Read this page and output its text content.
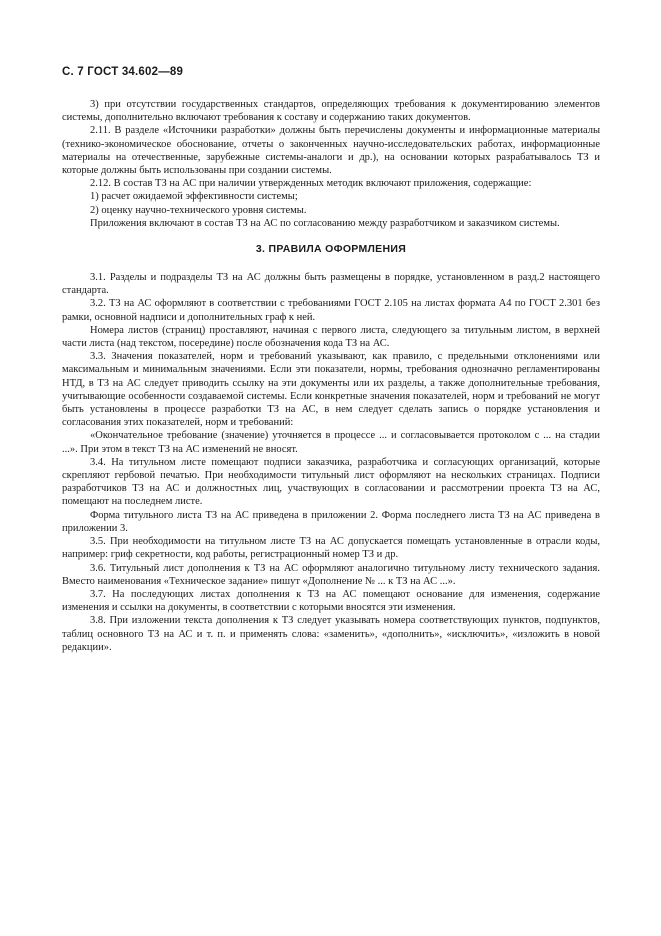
С. 7 ГОСТ 34.602—89

3) при отсутствии государственных стандартов, определяющих требования к документированию элементов системы, дополнительно включают требования к составу и содержанию таких документов.

2.11. В разделе «Источники разработки» должны быть перечислены документы и информационные материалы (технико-экономическое обоснование, отчеты о законченных научно-исследовательских работах, информационные материалы на отечественные, зарубежные системы-аналоги и др.), на основании которых разрабатывалось ТЗ и которые должны быть использованы при создании системы.

2.12. В состав ТЗ на АС при наличии утвержденных методик включают приложения, содержащие:

1) расчет ожидаемой эффективности системы;

2) оценку научно-технического уровня системы.

Приложения включают в состав ТЗ на АС по согласованию между разработчиком и заказчиком системы.

3. ПРАВИЛА ОФОРМЛЕНИЯ

3.1. Разделы и подразделы ТЗ на АС должны быть размещены в порядке, установленном в разд.2 настоящего стандарта.

3.2. ТЗ на АС оформляют в соответствии с требованиями ГОСТ 2.105 на листах формата А4 по ГОСТ 2.301 без рамки, основной надписи и дополнительных граф к ней.

Номера листов (страниц) проставляют, начиная с первого листа, следующего за титульным листом, в верхней части листа (над текстом, посередине) после обозначения кода ТЗ на АС.

3.3. Значения показателей, норм и требований указывают, как правило, с предельными отклонениями или максимальным и минимальным значениями. Если эти показатели, нормы, требования однозначно регламентированы НТД, в ТЗ на АС следует приводить ссылку на эти документы или их разделы, а также дополнительные требования, учитывающие особенности создаваемой системы. Если конкретные значения показателей, норм и требований не могут быть установлены в процессе разработки ТЗ на АС, в нем следует сделать запись о порядке установления и согласования этих показателей, норм и требований:

«Окончательное требование (значение) уточняется в процессе ... и согласовывается протоколом с ... на стадии ...». При этом в текст ТЗ на АС изменений не вносят.

3.4. На титульном листе помещают подписи заказчика, разработчика и согласующих организаций, которые скрепляют гербовой печатью. При необходимости титульный лист оформляют на нескольких страницах. Подписи разработчиков ТЗ на АС и должностных лиц, участвующих в согласовании и рассмотрении проекта ТЗ на АС, помещают на последнем листе.

Форма титульного листа ТЗ на АС приведена в приложении 2. Форма последнего листа ТЗ на АС приведена в приложении 3.

3.5. При необходимости на титульном листе ТЗ на АС допускается помещать установленные в отрасли коды, например: гриф секретности, код работы, регистрационный номер ТЗ и др.

3.6. Титульный лист дополнения к ТЗ на АС оформляют аналогично титульному листу технического задания. Вместо наименования «Техническое задание» пишут «Дополнение № ... к ТЗ на АС ...».

3.7. На последующих листах дополнения к ТЗ на АС помещают основание для изменения, содержание изменения и ссылки на документы, в соответствии с которыми вносятся эти изменения.

3.8. При изложении текста дополнения к ТЗ следует указывать номера соответствующих пунктов, подпунктов, таблиц основного ТЗ на АС и т. п. и применять слова: «заменить», «дополнить», «исключить», «изложить в новой редакции».
